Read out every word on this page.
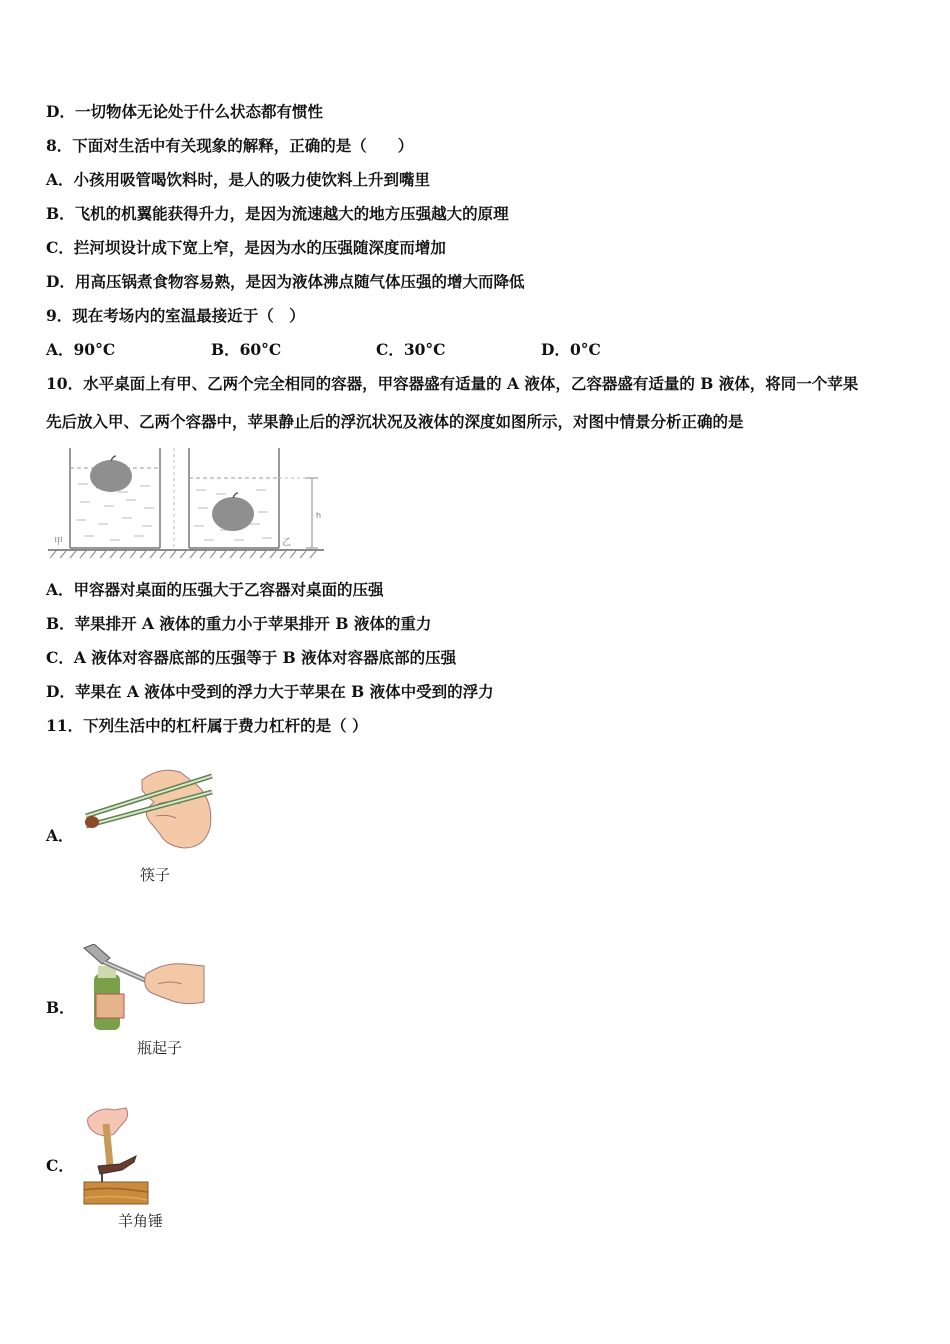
D．一切物体无论处于什么状态都有惯性
8．下面对生活中有关现象的解释，正确的是（　　）
A．小孩用吸管喝饮料时，是人的吸力使饮料上升到嘴里
B．飞机的机翼能获得升力，是因为流速越大的地方压强越大的原理
C．拦河坝设计成下宽上窄，是因为水的压强随深度而增加
D．用高压锅煮食物容易熟，是因为液体沸点随气体压强的增大而降低
9．现在考场内的室温最接近于（　）
A．90°C	B．60°C	C．30°C	D．0°C
10．水平桌面上有甲、乙两个完全相同的容器，甲容器盛有适量的 A 液体，乙容器盛有适量的 B 液体，将同一个苹果
先后放入甲、乙两个容器中，苹果静止后的浮沉状况及液体的深度如图所示，对图中情景分析正确的是
甲	乙
h
A．甲容器对桌面的压强大于乙容器对桌面的压强
B．苹果排开 A 液体的重力小于苹果排开 B 液体的重力
C．A 液体对容器底部的压强等于 B 液体对容器底部的压强
D．苹果在 A 液体中受到的浮力大于苹果在 B 液体中受到的浮力
11．下列生活中的杠杆属于费力杠杆的是（ ）
A．
筷子
B．
瓶起子
C．
羊角锤
